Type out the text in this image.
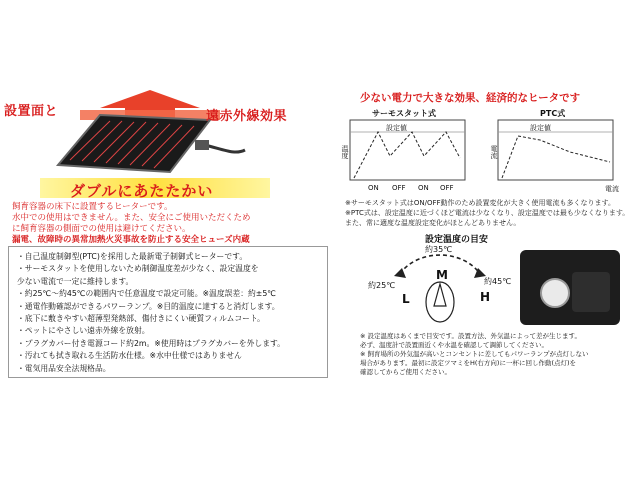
設置面と	遠赤外線効果
ダブルにあたたかい
飼育容器の床下に設置するヒーターです。
水中での使用はできません。また、安全にご使用いただくため
に飼育容器の側面での使用は避けてください。
漏電、故障時の異常加熱火災事故を防止する安全ヒューズ内蔵
少ない電力で大きな効果、経済的なヒータです
サーモスタット式
設定値
温度
ON OFF ON OFF
PTC式
設定値
電流
電流
※サーモスタット式はON/OFF動作のため設置変化が大きく使用電流も多くなります。
※PTC式は、設定温度に近づくほど電流は少なくなり、設定温度では最も少なくなります。
また、常に適度な温度設定変化がほとんどありません。
・自己温度制御型(PTC)を採用した最新電子制御式ヒーターです。
・サーモスタットを使用しないため制御温度差が少なく、設定温度を
少ない電流で一定に維持します。
・約25℃～約45℃の範囲内で任意温度で設定可能。※温度誤差：約±5℃
・通電作動確認ができるパワーランプ。※目的温度に達すると消灯します。
・底下に敷きやすい超薄型発熱部、傷付きにくい硬質フィルムコート。
・ペットにやさしい遠赤外線を放射。
・プラグカバー付き電源コード約2m。※使用時はプラグカバーを外します。
・汚れても拭き取れる生活防水仕様。※水中仕様ではありません
・電気用品安全法規格品。
設定温度の目安
M
L	H
約35℃
約25℃	約45℃
※ 設定温度はあくまで目安です。設置方法、外気温によって差が生じます。
必ず、温度計で設置面近くや水温を確認して調節してください。
※ 飼育場所の外気温が高いとコンセントに差してもパワーランプが点灯しない
場合があります。最初に設定ツマミをH(右方向)に一杯に回し作動(点灯)を
確認してからご使用ください。
